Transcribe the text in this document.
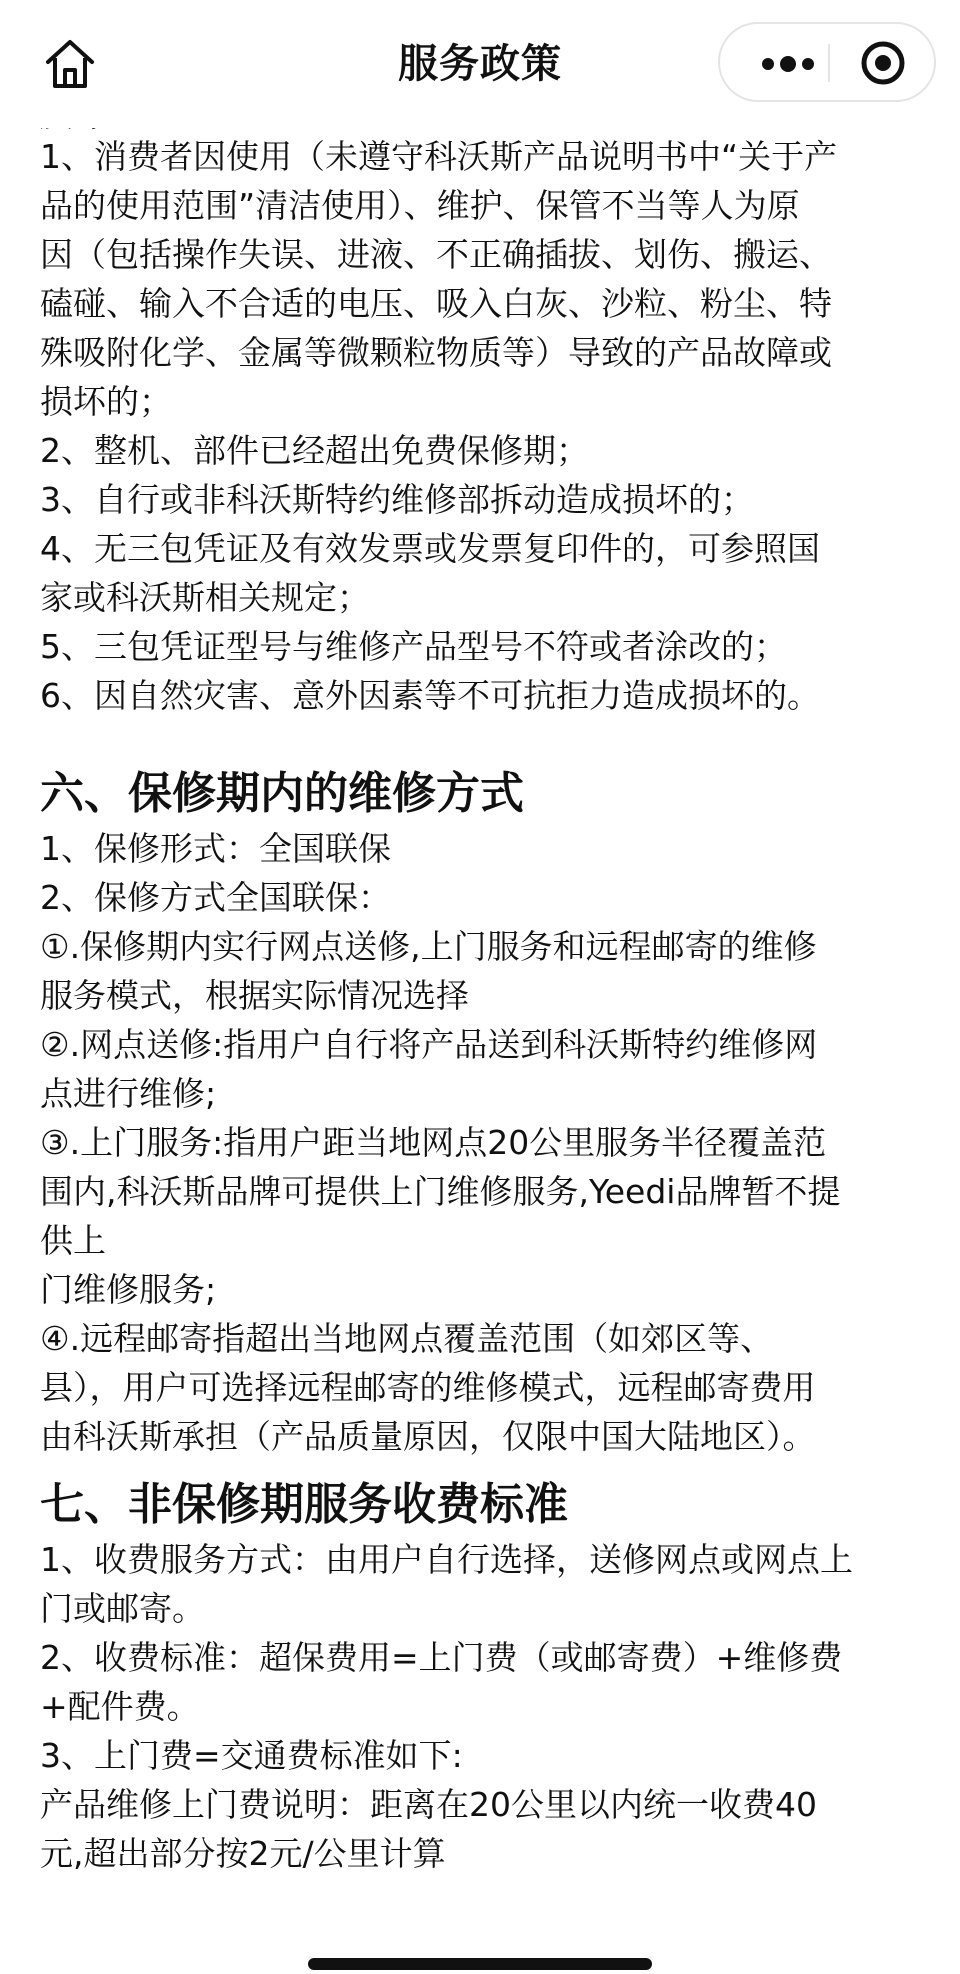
服务政策

1、消费者因使用（未遵守科沃斯产品说明书中“关于产

品的使用范围”清洁使用）、维护、保管不当等人为原

因（包括操作失误、进液、不正确插拔、划伤、搬运、

磕碰、输入不合适的电压、吸入白灰、沙粒、粉尘、特

殊吸附化学、金属等微颗粒物质等）导致的产品故障或

损坏的；

2、整机、部件已经超出免费保修期；

3、自行或非科沃斯特约维修部拆动造成损坏的；

4、无三包凭证及有效发票或发票复印件的，可参照国

家或科沃斯相关规定；

5、三包凭证型号与维修产品型号不符或者涂改的；

6、因自然灾害、意外因素等不可抗拒力造成损坏的。

六、保修期内的维修方式

1、保修形式：全国联保

2、保修方式全国联保：

①.保修期内实行网点送修,上门服务和远程邮寄的维修

服务模式，根据实际情况选择

②.网点送修:指用户自行将产品送到科沃斯特约维修网

点进行维修;

③.上门服务:指用户距当地网点20公里服务半径覆盖范

围内,科沃斯品牌可提供上门维修服务,Yeedi品牌暂不提

供上

门维修服务;

④.远程邮寄指超出当地网点覆盖范围（如郊区等、

县），用户可选择远程邮寄的维修模式，远程邮寄费用

由科沃斯承担（产品质量原因，仅限中国大陆地区）。

七、非保修期服务收费标准

1、收费服务方式：由用户自行选择，送修网点或网点上

门或邮寄。

2、收费标准：超保费用=上门费（或邮寄费）+维修费

+配件费。

3、上门费=交通费标准如下:

产品维修上门费说明：距离在20公里以内统一收费40

元,超出部分按2元/公里计算
